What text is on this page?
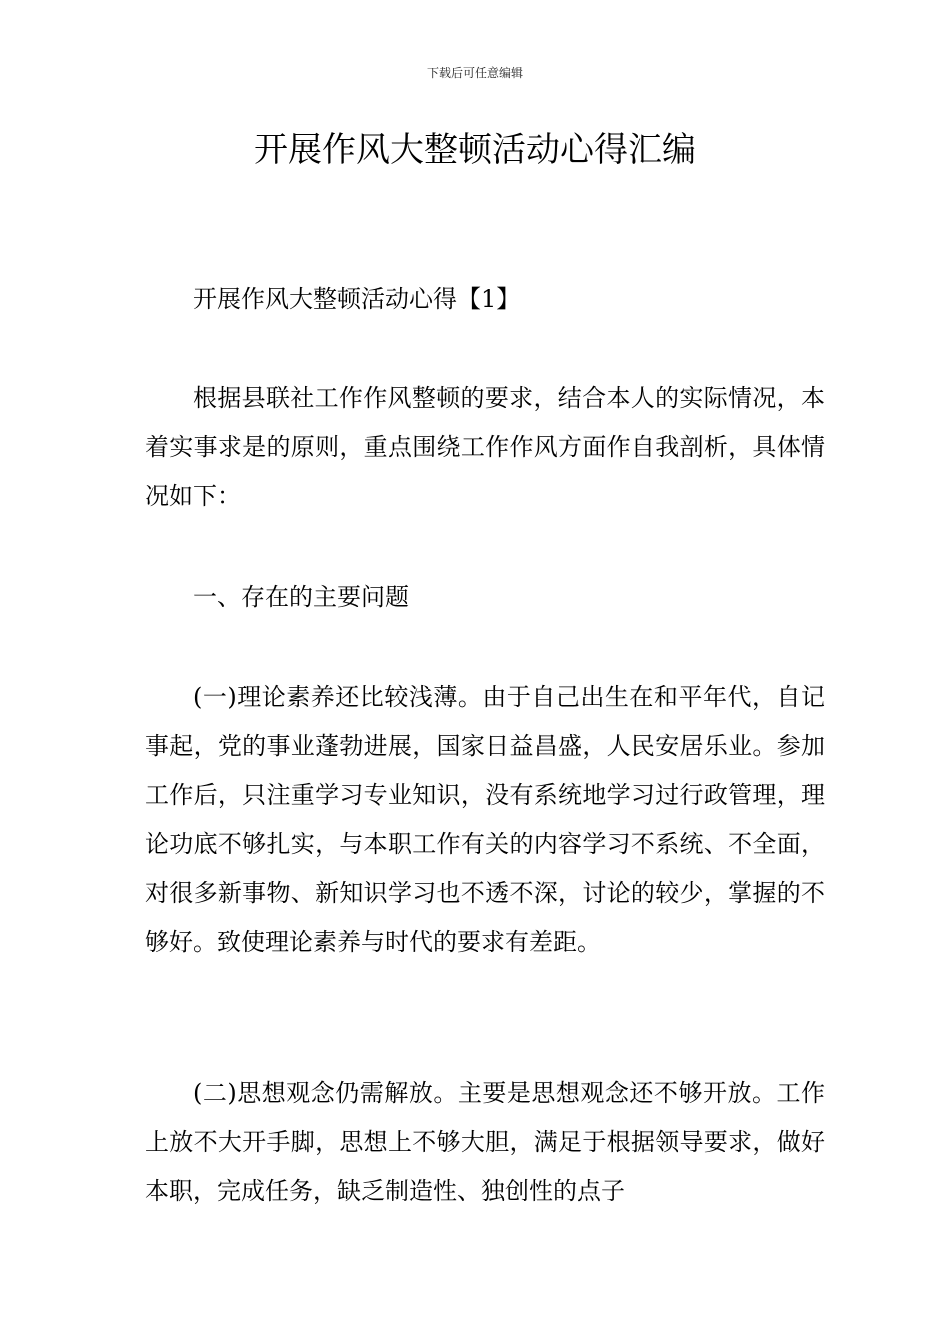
下载后可任意编辑
开展作风大整顿活动心得汇编

开展作风大整顿活动心得【1】

根据县联社工作作风整顿的要求，结合本人的实际情况，本着实事求是的原则，重点围绕工作作风方面作自我剖析，具体情况如下：

一、存在的主要问题

(一)理论素养还比较浅薄。由于自己出生在和平年代，自记事起，党的事业蓬勃进展，国家日益昌盛，人民安居乐业。参加工作后，只注重学习专业知识，没有系统地学习过行政管理，理论功底不够扎实，与本职工作有关的内容学习不系统、不全面，对很多新事物、新知识学习也不透不深，讨论的较少，掌握的不够好。致使理论素养与时代的要求有差距。

(二)思想观念仍需解放。主要是思想观念还不够开放。工作上放不大开手脚，思想上不够大胆，满足于根据领导要求，做好本职，完成任务，缺乏制造性、独创性的点子
